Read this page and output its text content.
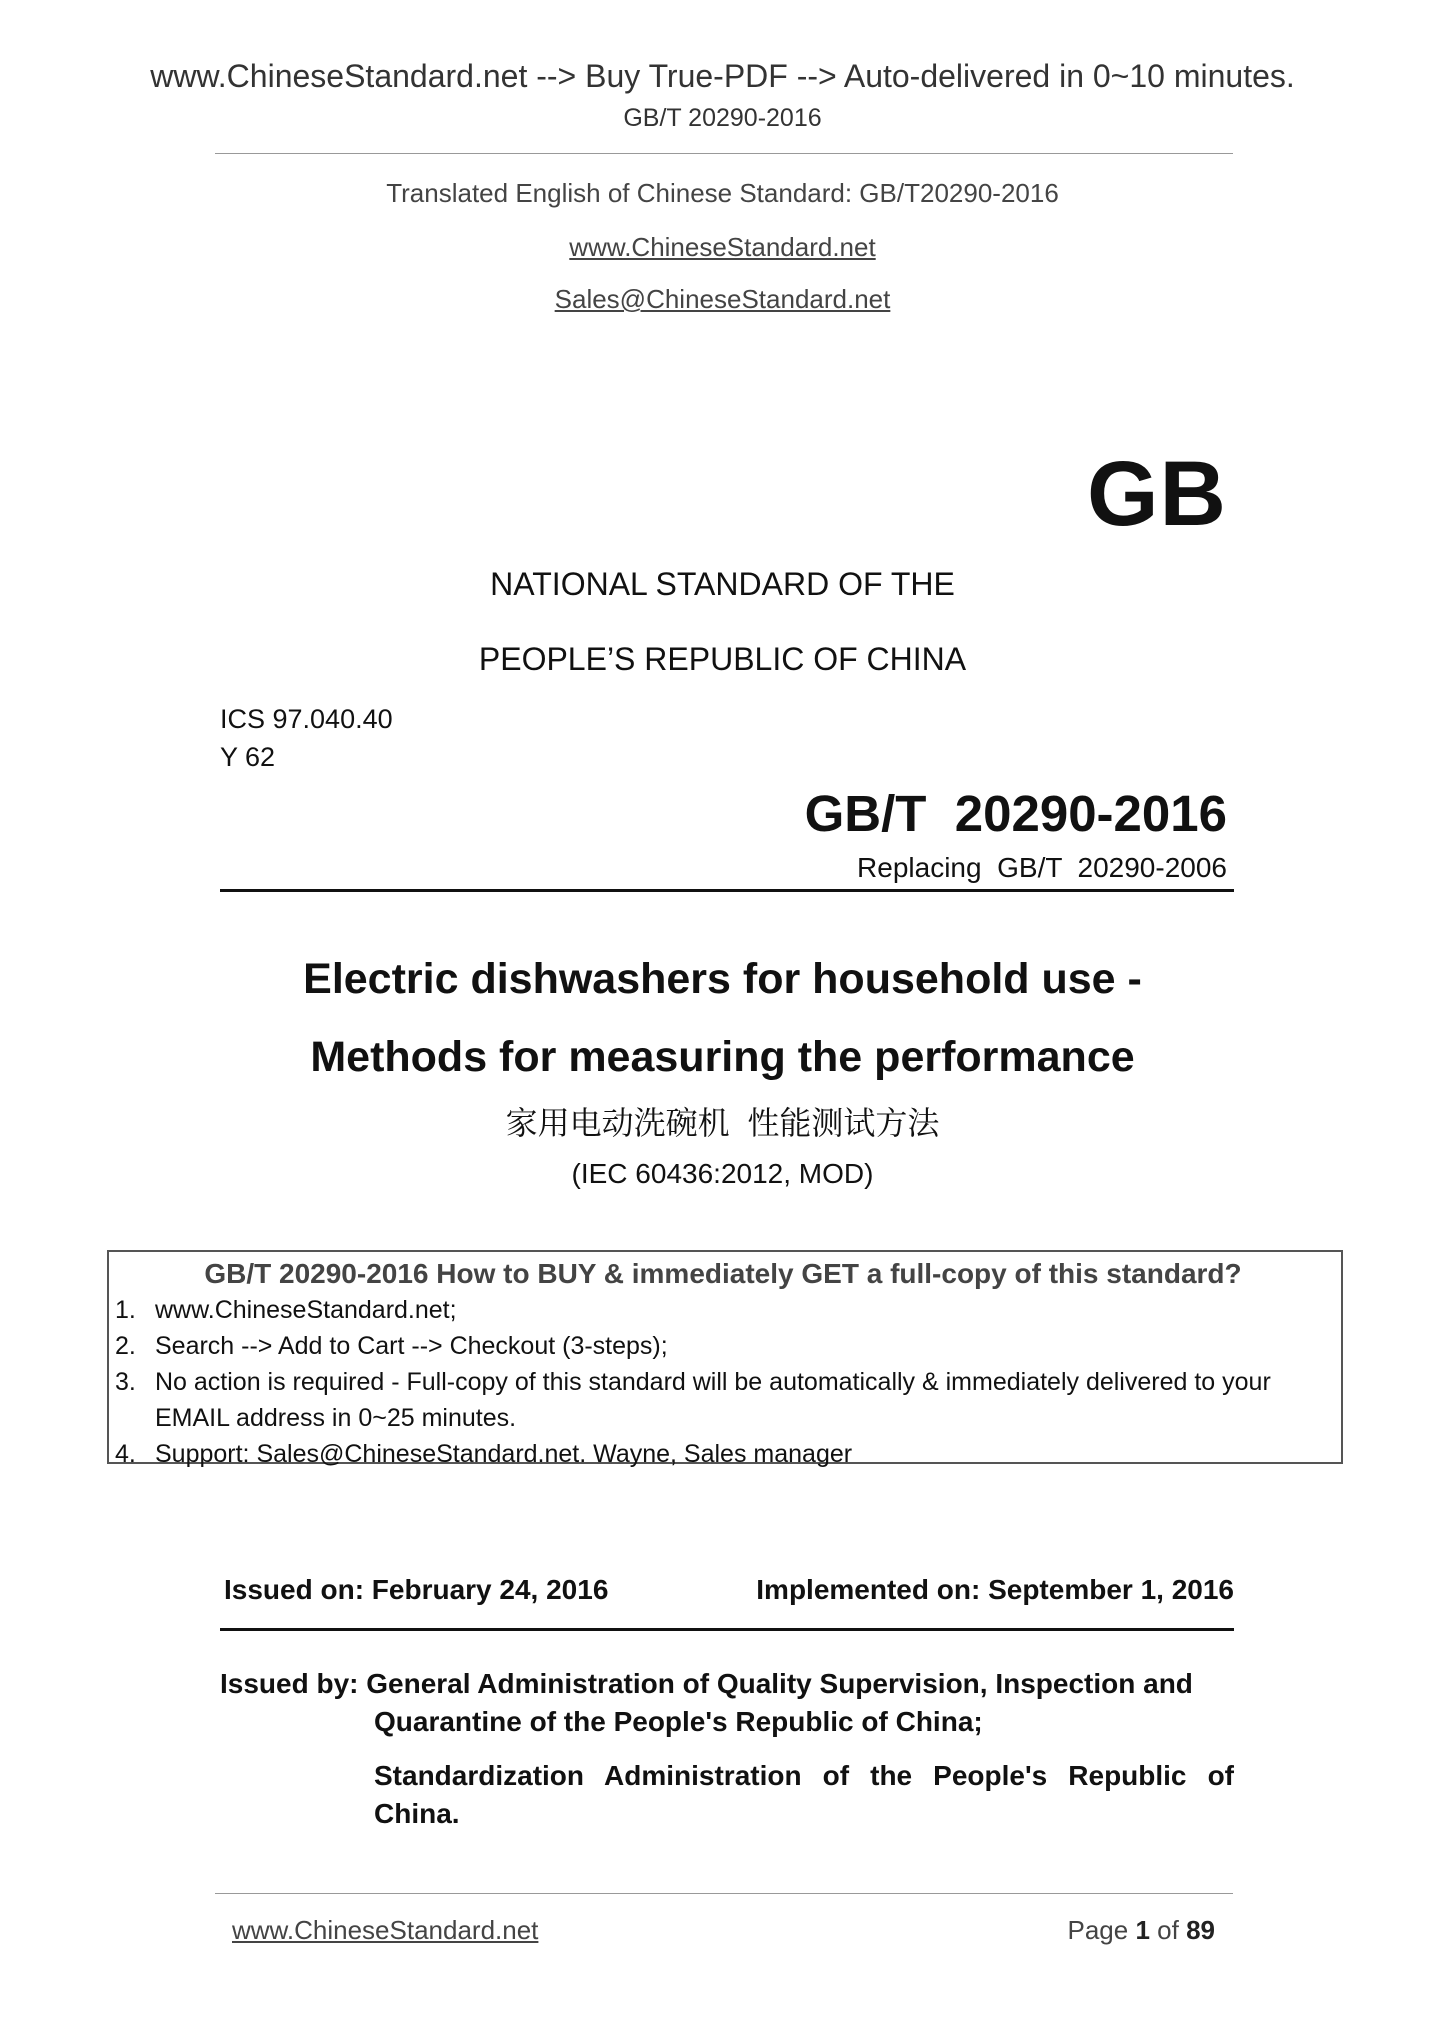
www.ChineseStandard.net --> Buy True-PDF --> Auto-delivered in 0~10 minutes.
GB/T 20290-2016
Translated English of Chinese Standard: GB/T20290-2016
www.ChineseStandard.net
Sales@ChineseStandard.net
GB
NATIONAL STANDARD OF THE
PEOPLE’S REPUBLIC OF CHINA
ICS 97.040.40
Y 62
GB/T  20290-2016
Replacing  GB/T  20290-2006
Electric dishwashers for household use -
Methods for measuring the performance
家用电动洗碗机  性能测试方法
(IEC 60436:2012, MOD)
GB/T 20290-2016 How to BUY & immediately GET a full-copy of this standard?
1. www.ChineseStandard.net;
2. Search --> Add to Cart --> Checkout (3-steps);
3. No action is required - Full-copy of this standard will be automatically & immediately delivered to your EMAIL address in 0~25 minutes.
4. Support: Sales@ChineseStandard.net. Wayne, Sales manager
Issued on: February 24, 2016	Implemented on: September 1, 2016
Issued by: General Administration of Quality Supervision, Inspection and
Quarantine of the People's Republic of China;
Standardization Administration of the People's Republic of China.
www.ChineseStandard.net	Page 1 of 89
